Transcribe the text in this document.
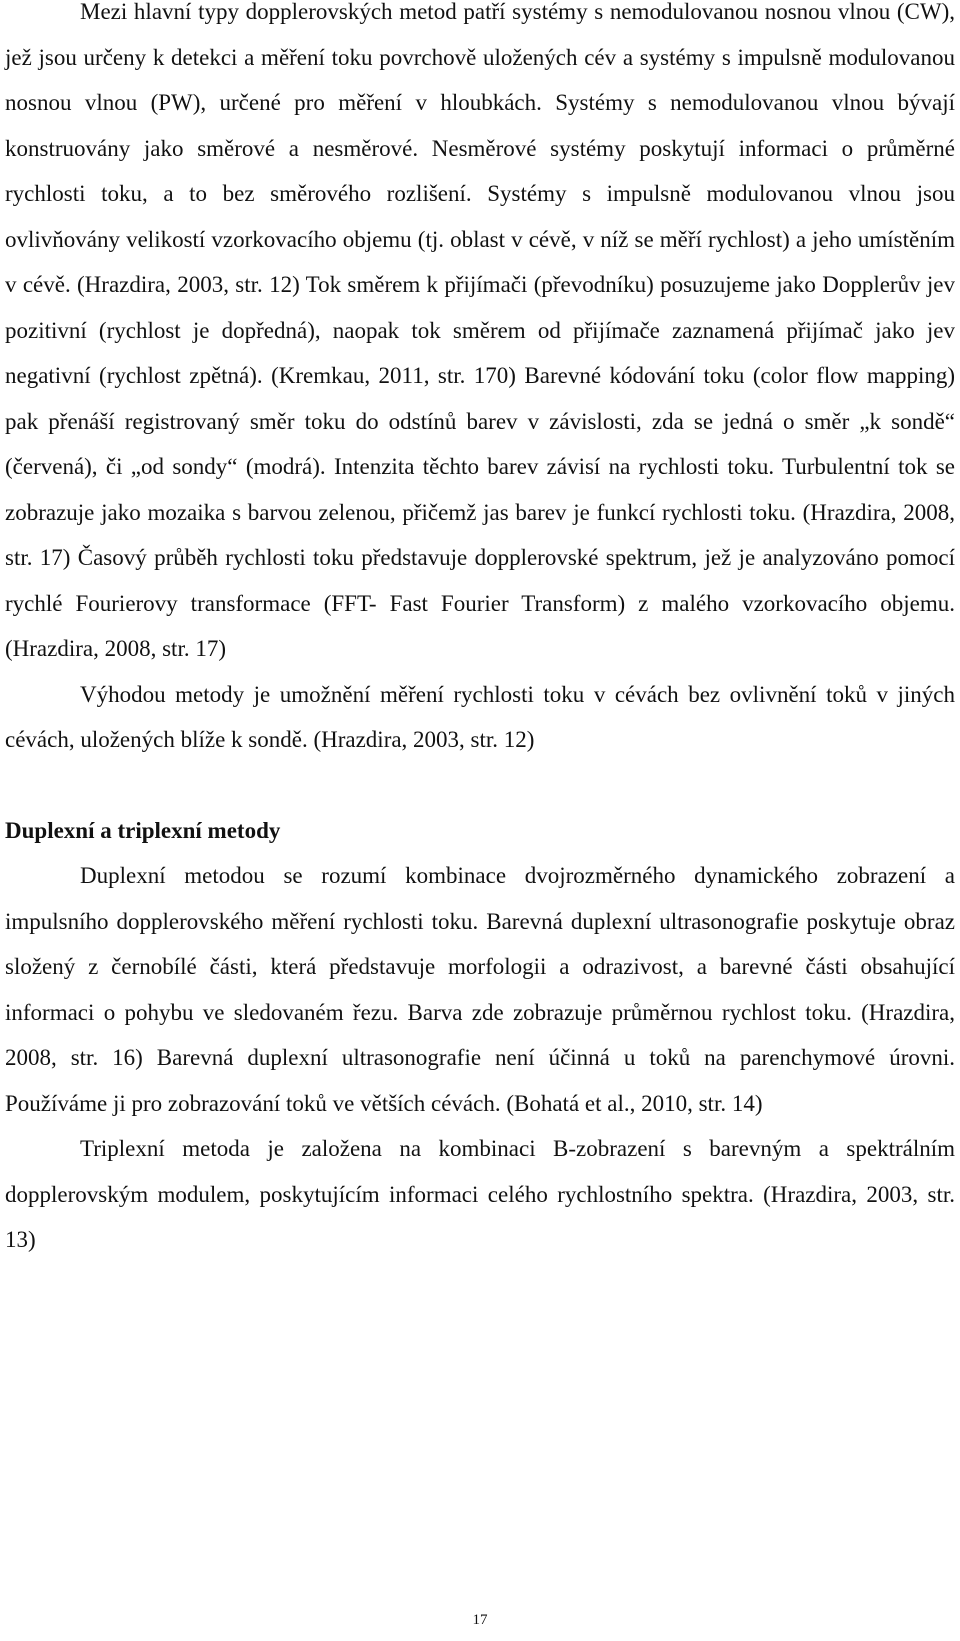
Mezi hlavní typy dopplerovských metod patří systémy s nemodulovanou nosnou vlnou (CW), jež jsou určeny k detekci a měření toku povrchově uložených cév a systémy s impulsně modulovanou nosnou vlnou (PW), určené pro měření v hloubkách. Systémy s nemodulovanou vlnou bývají konstruovány jako směrové a nesměrové. Nesměrové systémy poskytují informaci o průměrné rychlosti toku, a to bez směrového rozlišení. Systémy s impulsně modulovanou vlnou jsou ovlivňovány velikostí vzorkovacího objemu (tj. oblast v cévě, v níž se měří rychlost) a jeho umístěním v cévě. (Hrazdira, 2003, str. 12) Tok směrem k přijímači (převodníku) posuzujeme jako Dopplerův jev pozitivní (rychlost je dopředná), naopak tok směrem od přijímače zaznamená přijímač jako jev negativní (rychlost zpětná). (Kremkau, 2011, str. 170) Barevné kódování toku (color flow mapping) pak přenáší registrovaný směr toku do odstínů barev v závislosti, zda se jedná o směr „k sondě“ (červená), či „od sondy“ (modrá). Intenzita těchto barev závisí na rychlosti toku. Turbulentní tok se zobrazuje jako mozaika s barvou zelenou, přičemž jas barev je funkcí rychlosti toku. (Hrazdira, 2008, str. 17) Časový průběh rychlosti toku představuje dopplerovské spektrum, jež je analyzováno pomocí rychlé Fourierovy transformace (FFT- Fast Fourier Transform) z malého vzorkovacího objemu. (Hrazdira, 2008, str. 17)

Výhodou metody je umožnění měření rychlosti toku v cévách bez ovlivnění toků v jiných cévách, uložených blíže k sondě. (Hrazdira, 2003, str. 12)

Duplexní a triplexní metody

Duplexní metodou se rozumí kombinace dvojrozměrného dynamického zobrazení a impulsního dopplerovského měření rychlosti toku. Barevná duplexní ultrasonografie poskytuje obraz složený z černobílé části, která představuje morfologii a odrazivost, a barevné části obsahující informaci o pohybu ve sledovaném řezu. Barva zde zobrazuje průměrnou rychlost toku. (Hrazdira, 2008, str. 16) Barevná duplexní ultrasonografie není účinná u toků na parenchymové úrovni. Používáme ji pro zobrazování toků ve větších cévách. (Bohatá et al., 2010, str. 14)

Triplexní metoda je založena na kombinaci B-zobrazení s barevným a spektrálním dopplerovským modulem, poskytujícím informaci celého rychlostního spektra. (Hrazdira, 2003, str. 13)

17
